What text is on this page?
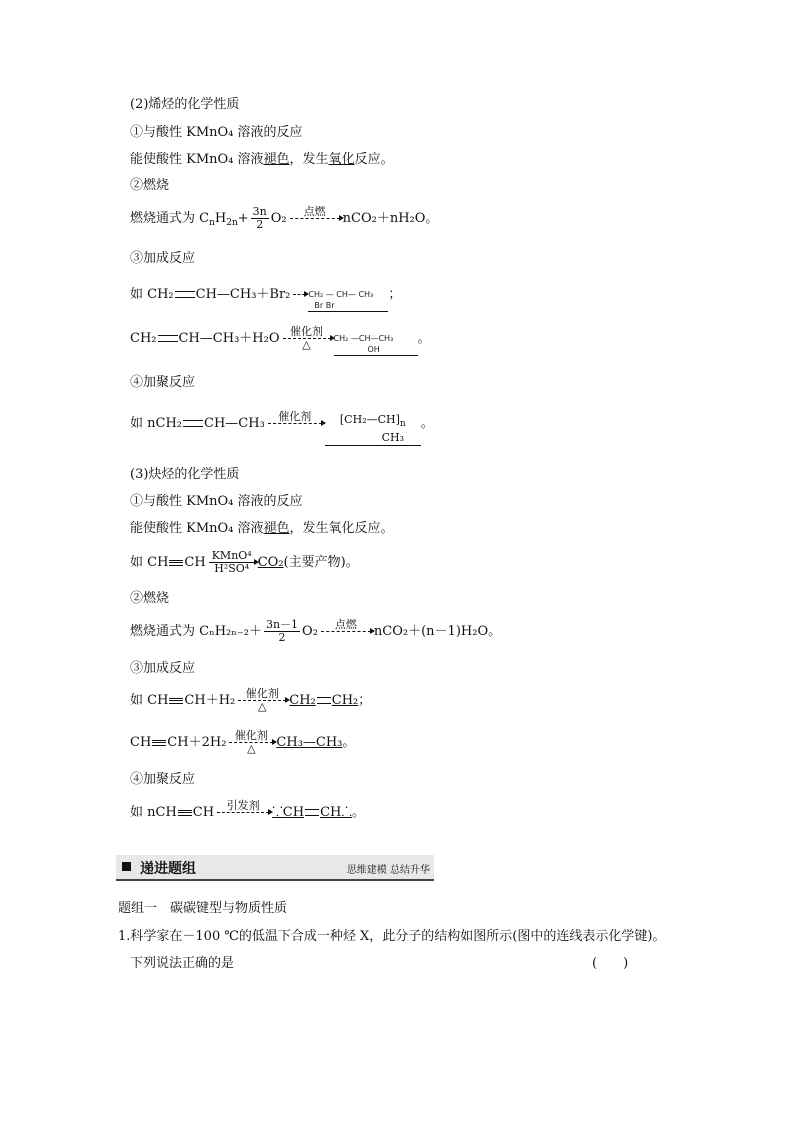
(2)烯烃的化学性质
①与酸性 KMnO₄ 溶液的反应
能使酸性 KMnO₄ 溶液褪色，发生氧化反应。
②燃烧
燃烧通式为 $C_nH_{2n}+ \frac{3n}{2} O_2$	点燃
	nCO₂＋nH₂O。
③加成反应
如 CH₂ CH—CH₃＋Br₂

CH₂ — CH— CH₃
Br Br
；
CH₂ CH—CH₃＋H₂O 催化剂
△	CH₂ —CH—CH₃
OH
。
④加聚反应
如 nCH₂ CH—CH₃	催化剂
	$[CH_2—CH]_n$
CH₃
。
(3)炔烃的化学性质
①与酸性 KMnO₄ 溶液的反应
能使酸性 KMnO₄ 溶液褪色，发生氧化反应。
如 CH CH KMnO⁴
H²SO⁴ CO₂(主要产物)。
②燃烧
燃烧通式为 $C_nH_{2n-2}+ \frac{3n-1}{2} O_2$	点燃
	nCO₂＋(n－1)H₂O。
③加成反应
如 CH CH＋H₂ 催化剂
△	CH₂ CH₂；
CH CH＋2H₂ 催化剂
△	CH₃—CH₃。
④加聚反应
如 nCH CH	引发剂
⸪CH CH⸫。
递进题组	思维建模 总结升华
题组一　碳碳键型与物质性质
1.科学家在－100 ℃的低温下合成一种烃 X，此分子的结构如图所示(图中的连线表示化学键)。
下列说法正确的是	(　　)
